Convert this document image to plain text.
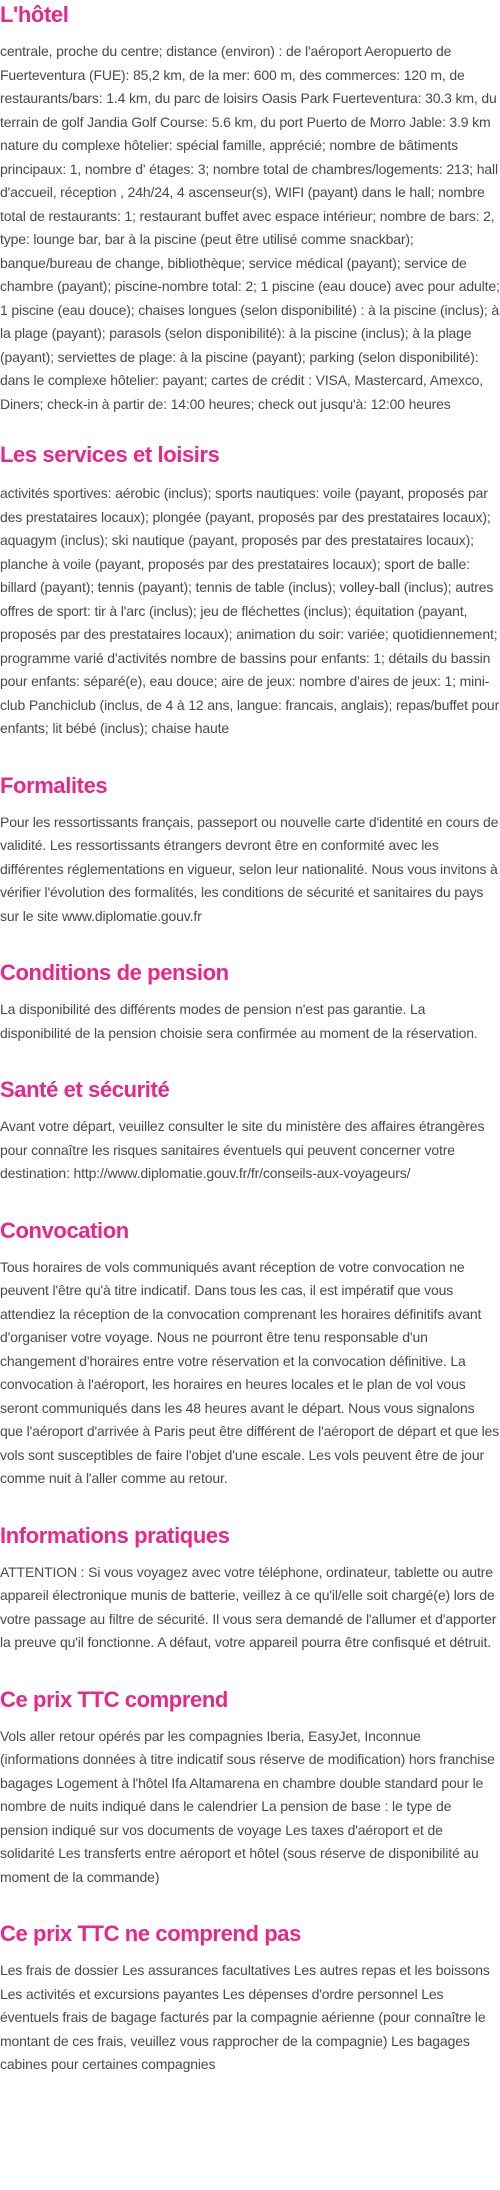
L'hôtel

centrale, proche du centre; distance (environ) : de l'aéroport Aeropuerto de Fuerteventura (FUE): 85,2 km, de la mer: 600 m, des commerces: 120 m, de restaurants/bars: 1.4 km, du parc de loisirs Oasis Park Fuerteventura: 30.3 km, du terrain de golf Jandia Golf Course: 5.6 km, du port Puerto de Morro Jable: 3.9 km nature du complexe hôtelier: spécial famille, apprécié; nombre de bâtiments principaux: 1, nombre d' étages: 3; nombre total de chambres/logements: 213; hall d'accueil, réception , 24h/24, 4 ascenseur(s), WIFI (payant) dans le hall; nombre total de restaurants: 1; restaurant buffet avec espace intérieur; nombre de bars: 2, type: lounge bar, bar à la piscine (peut être utilisé comme snackbar); banque/bureau de change, bibliothèque; service médical (payant); service de chambre (payant); piscine-nombre total: 2; 1 piscine (eau douce) avec pour adulte; 1 piscine (eau douce); chaises longues (selon disponibilité) : à la piscine (inclus); à la plage (payant); parasols (selon disponibilité): à la piscine (inclus); à la plage (payant); serviettes de plage: à la piscine (payant); parking (selon disponibilité): dans le complexe hôtelier: payant; cartes de crédit : VISA, Mastercard, Amexco, Diners; check-in à partir de: 14:00 heures; check out jusqu'à: 12:00 heures

Les services et loisirs

activités sportives: aérobic (inclus); sports nautiques: voile (payant, proposés par des prestataires locaux); plongée (payant, proposés par des prestataires locaux); aquagym (inclus); ski nautique (payant, proposés par des prestataires locaux); planche à voile (payant, proposés par des prestataires locaux); sport de balle: billard (payant); tennis (payant); tennis de table (inclus); volley-ball (inclus); autres offres de sport: tir à l'arc (inclus); jeu de fléchettes (inclus); équitation (payant, proposés par des prestataires locaux); animation du soir: variée; quotidiennement; programme varié d'activités nombre de bassins pour enfants: 1; détails du bassin pour enfants: séparé(e), eau douce; aire de jeux: nombre d'aires de jeux: 1; mini-club Panchiclub (inclus, de 4 à 12 ans, langue: francais, anglais); repas/buffet pour enfants; lit bébé (inclus); chaise haute

Formalites

Pour les ressortissants français, passeport ou nouvelle carte d'identité en cours de validité. Les ressortissants étrangers devront être en conformité avec les différentes réglementations en vigueur, selon leur nationalité. Nous vous invitons à vérifier l'évolution des formalités, les conditions de sécurité et sanitaires du pays sur le site www.diplomatie.gouv.fr

Conditions de pension

La disponibilité des différents modes de pension n'est pas garantie. La disponibilité de la pension choisie sera confirmée au moment de la réservation.

Santé et sécurité

Avant votre départ, veuillez consulter le site du ministère des affaires étrangères pour connaître les risques sanitaires éventuels qui peuvent concerner votre destination: http://www.diplomatie.gouv.fr/fr/conseils-aux-voyageurs/

Convocation

Tous horaires de vols communiqués avant réception de votre convocation ne peuvent l'être qu'à titre indicatif. Dans tous les cas, il est impératif que vous attendiez la réception de la convocation comprenant les horaires définitifs avant d'organiser votre voyage. Nous ne pourront être tenu responsable d'un changement d'horaires entre votre réservation et la convocation définitive. La convocation à l'aéroport, les horaires en heures locales et le plan de vol vous seront communiqués dans les 48 heures avant le départ. Nous vous signalons que l'aéroport d'arrivée à Paris peut être différent de l'aéroport de départ et que les vols sont susceptibles de faire l'objet d'une escale. Les vols peuvent être de jour comme nuit à l'aller comme au retour.

Informations pratiques

ATTENTION : Si vous voyagez avec votre téléphone, ordinateur, tablette ou autre appareil électronique munis de batterie, veillez à ce qu'il/elle soit chargé(e) lors de votre passage au filtre de sécurité. Il vous sera demandé de l'allumer et d'apporter la preuve qu'il fonctionne. A défaut, votre appareil pourra être confisqué et détruit.

Ce prix TTC comprend

Vols aller retour opérés par les compagnies Iberia, EasyJet, Inconnue (informations données à titre indicatif sous réserve de modification) hors franchise bagages Logement à l'hôtel Ifa Altamarena en chambre double standard pour le nombre de nuits indiqué dans le calendrier La pension de base : le type de pension indiqué sur vos documents de voyage Les taxes d'aéroport et de solidarité Les transferts entre aéroport et hôtel (sous réserve de disponibilité au moment de la commande)

Ce prix TTC ne comprend pas

Les frais de dossier Les assurances facultatives Les autres repas et les boissons Les activités et excursions payantes Les dépenses d'ordre personnel Les éventuels frais de bagage facturés par la compagnie aérienne (pour connaître le montant de ces frais, veuillez vous rapprocher de la compagnie) Les bagages cabines pour certaines compagnies
